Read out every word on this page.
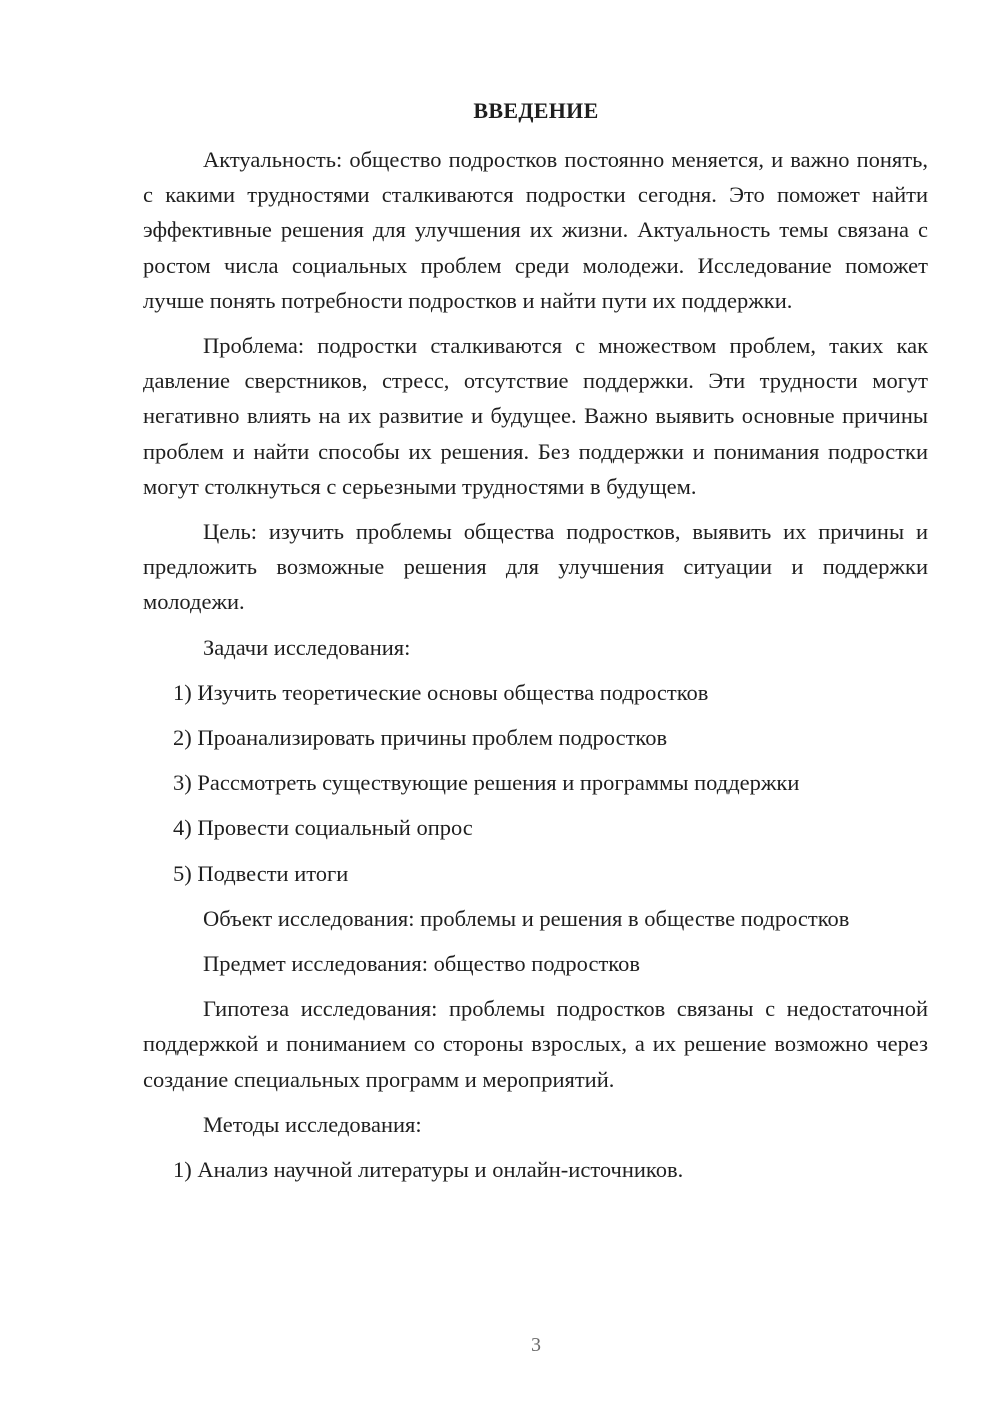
ВВЕДЕНИЕ

Актуальность: общество подростков постоянно меняется, и важно понять, с какими трудностями сталкиваются подростки сегодня. Это поможет найти эффективные решения для улучшения их жизни. Актуальность темы связана с ростом числа социальных проблем среди молодежи. Исследование поможет лучше понять потребности подростков и найти пути их поддержки.

Проблема: подростки сталкиваются с множеством проблем, таких как давление сверстников, стресс, отсутствие поддержки. Эти трудности могут негативно влиять на их развитие и будущее. Важно выявить основные причины проблем и найти способы их решения. Без поддержки и понимания подростки могут столкнуться с серьезными трудностями в будущем.

Цель: изучить проблемы общества подростков, выявить их причины и предложить возможные решения для улучшения ситуации и поддержки молодежи.

Задачи исследования:

1) Изучить теоретические основы общества подростков

2) Проанализировать причины проблем подростков

3) Рассмотреть существующие решения и программы поддержки

4) Провести социальный опрос

5) Подвести итоги

Объект исследования: проблемы и решения в обществе подростков

Предмет исследования: общество подростков

Гипотеза исследования: проблемы подростков связаны с недостаточной поддержкой и пониманием со стороны взрослых, а их решение возможно через создание специальных программ и мероприятий.

Методы исследования:

1) Анализ научной литературы и онлайн-источников.

3
